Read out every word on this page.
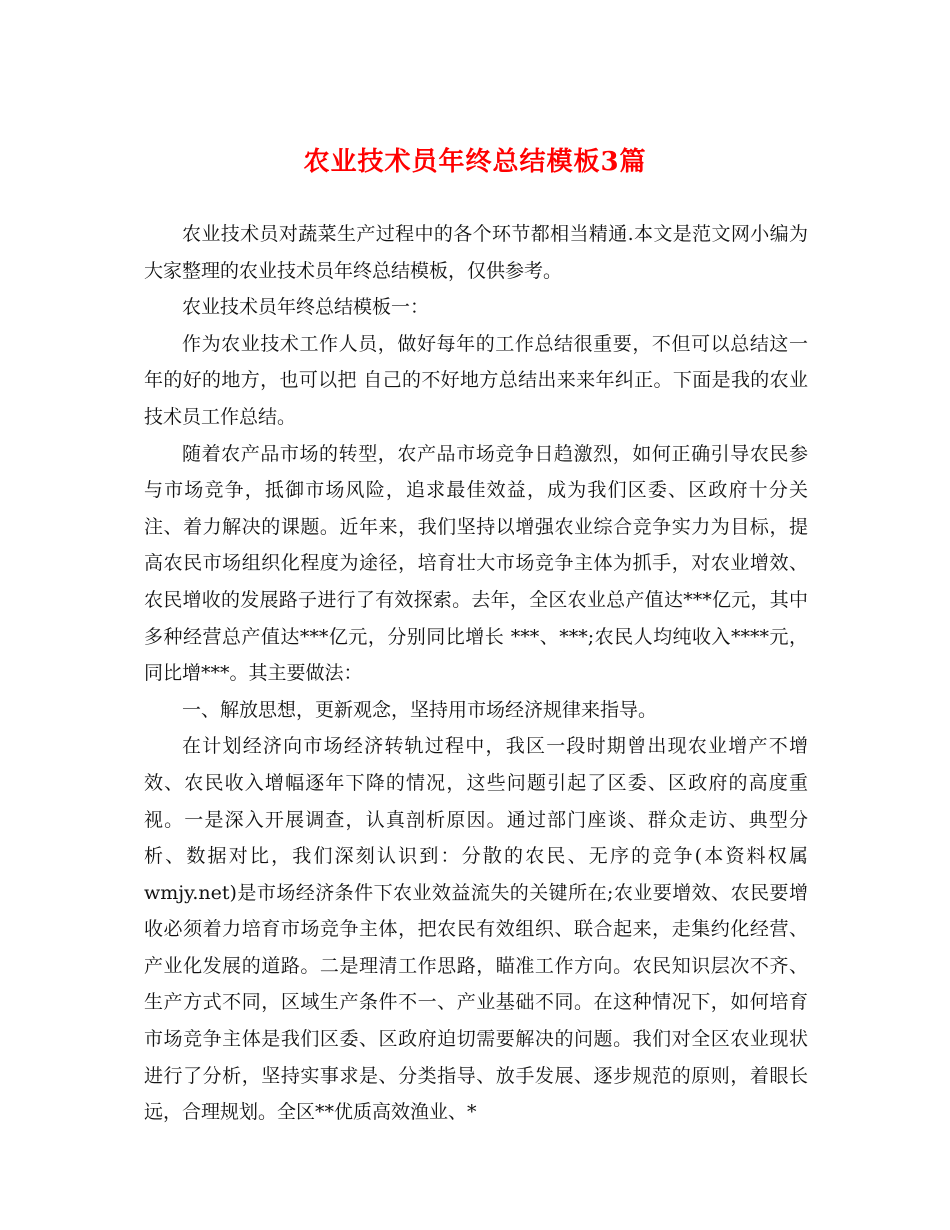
农业技术员年终总结模板3篇

农业技术员对蔬菜生产过程中的各个环节都相当精通.本文是范文网小编为大家整理的农业技术员年终总结模板，仅供参考。

农业技术员年终总结模板一：

作为农业技术工作人员，做好每年的工作总结很重要，不但可以总结这一年的好的地方，也可以把 自己的不好地方总结出来来年纠正。下面是我的农业技术员工作总结。

随着农产品市场的转型，农产品市场竞争日趋激烈，如何正确引导农民参与市场竞争，抵御市场风险，追求最佳效益，成为我们区委、区政府十分关注、着力解决的课题。近年来，我们坚持以增强农业综合竞争实力为目标，提高农民市场组织化程度为途径，培育壮大市场竞争主体为抓手，对农业增效、农民增收的发展路子进行了有效探索。去年，全区农业总产值达***亿元，其中多种经营总产值达***亿元，分别同比增长 ***、***;农民人均纯收入****元，同比增***。其主要做法：

一、解放思想，更新观念，坚持用市场经济规律来指导。

在计划经济向市场经济转轨过程中，我区一段时期曾出现农业增产不增效、农民收入增幅逐年下降的情况，这些问题引起了区委、区政府的高度重视。一是深入开展调查，认真剖析原因。通过部门座谈、群众走访、典型分析、数据对比，我们深刻认识到：分散的农民、无序的竞争(本资料权属wmjy.net)是市场经济条件下农业效益流失的关键所在;农业要增效、农民要增收必须着力培育市场竞争主体，把农民有效组织、联合起来，走集约化经营、产业化发展的道路。二是理清工作思路，瞄准工作方向。农民知识层次不齐、生产方式不同，区域生产条件不一、产业基础不同。在这种情况下，如何培育市场竞争主体是我们区委、区政府迫切需要解决的问题。我们对全区农业现状进行了分析，坚持实事求是、分类指导、放手发展、逐步规范的原则，着眼长远，合理规划。全区**优质高效渔业、*
